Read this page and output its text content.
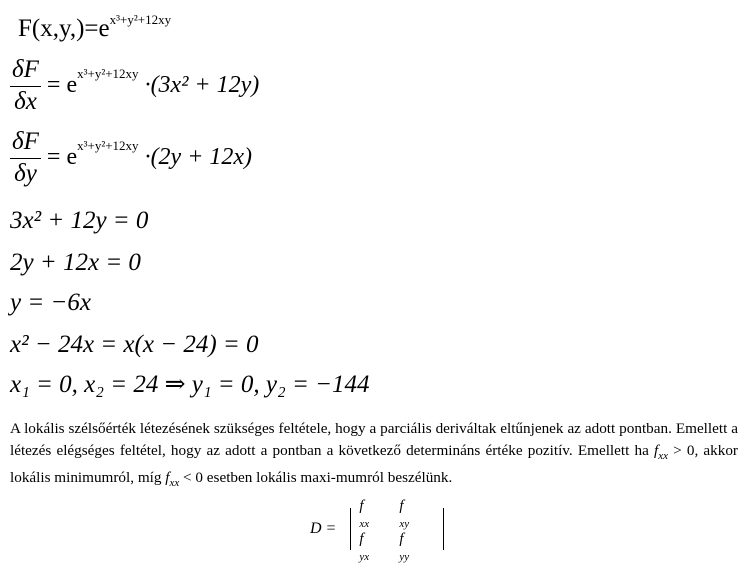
$F(x,y,)=e^{x^3+y^2+12xy}$
$\frac{\delta F}{\delta x} = e$ x³+y²+12xy ·(3x² + 12y)
$\frac{\delta F}{\delta y} = e$ x³+y²+12xy ·(2y + 12x)
3x² + 12y = 0
2y + 12x = 0
y = −6x
x² − 24x = x(x − 24) = 0
x₁ = 0, x₂ = 24 ⇒ y₁ = 0, y₂ = −144

A lokális szélsőérték létezésének szükséges feltétele, hogy a parciális deriváltak eltűnjenek az adott pontban. Emellett a létezés elégséges feltétel, hogy az adott a pontban a következő determináns értéke pozitív. Emellett ha $f_{xx} > 0$, akkor lokális minimumról, míg $f_{xx} < 0$ esetben lokális maxi-mumról beszélünk.

D =
f
xx
f
xy
f
yx
f
yy
